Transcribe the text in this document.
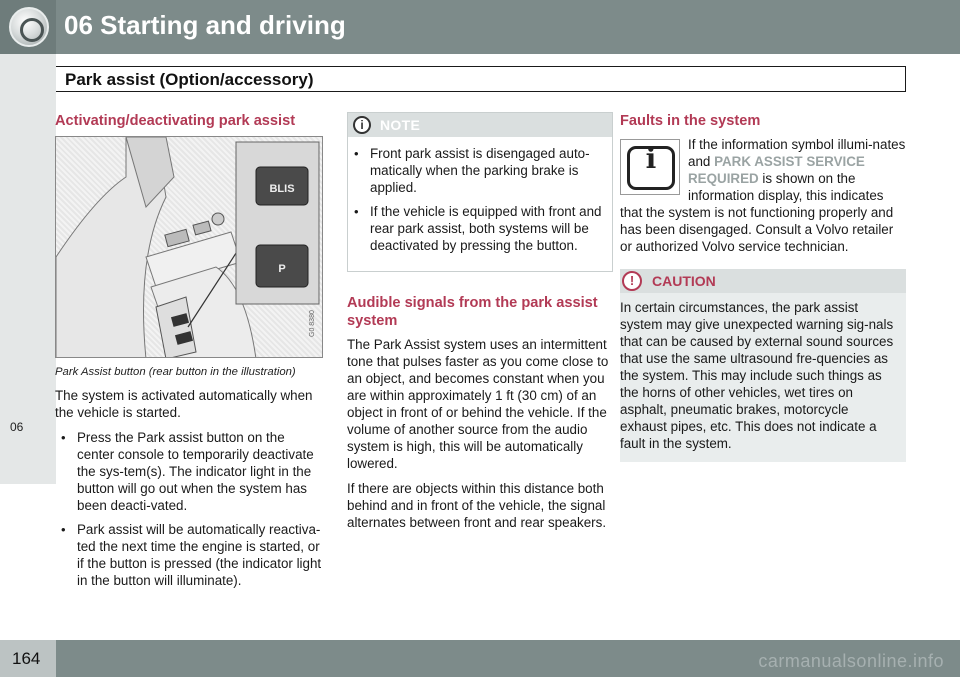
06 Starting and driving
Park assist (Option/accessory)
06
Activating/deactivating park assist
BLIS
P
G0 8380
Park Assist button (rear button in the illustration)

The system is activated automatically when the vehicle is started.

• Press the Park assist button on the center console to temporarily deactivate the sys-tem(s). The indicator light in the button will go out when the system has been deacti-vated.
• Park assist will be automatically reactiva-ted the next time the engine is started, or if the button is pressed (the indicator light in the button will illuminate).
i	NOTE
• Front park assist is disengaged auto-matically when the parking brake is applied.
• If the vehicle is equipped with front and rear park assist, both systems will be deactivated by pressing the button.
Audible signals from the park assist system

The Park Assist system uses an intermittent tone that pulses faster as you come close to an object, and becomes constant when you are within approximately 1 ft (30 cm) of an object in front of or behind the vehicle. If the volume of another source from the audio system is high, this will be automatically lowered.

If there are objects within this distance both behind and in front of the vehicle, the signal alternates between front and rear speakers.

Faults in the system

i	If the information symbol illumi-nates and PARK ASSIST SERVICE REQUIRED is shown on the information display, this indicates that the system is not functioning properly and has been disengaged. Consult a Volvo retailer or authorized Volvo service technician.

!	CAUTION
In certain circumstances, the park assist system may give unexpected warning sig-nals that can be caused by external sound sources that use the same ultrasound fre-quencies as the system. This may include such things as the horns of other vehicles, wet tires on asphalt, pneumatic brakes, motorcycle exhaust pipes, etc. This does not indicate a fault in the system.
164	carmanualsonline.info
